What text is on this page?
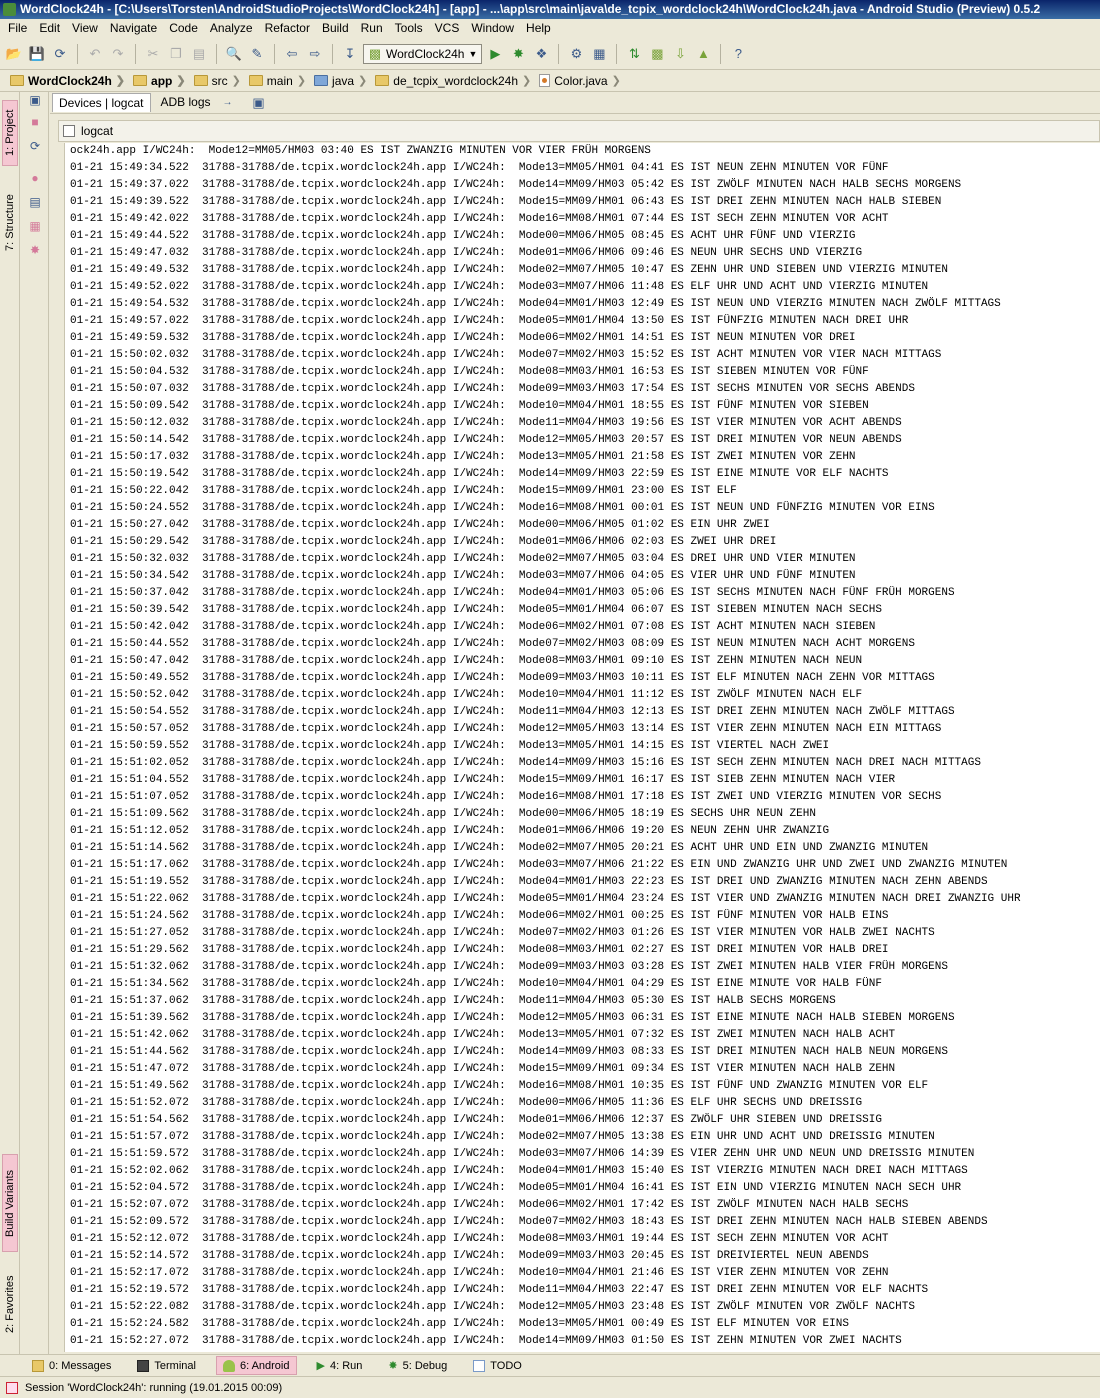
WordClock24h - [C:\Users\Torsten\AndroidStudioProjects\WordClock24h] - [app] - ...\app\src\main\java\de_tcpix_wordclock24h\WordClock24h.java - Android Studio (Preview) 0.5.2
File	Edit	View	Navigate	Code	Analyze	Refactor	Build	Run	Tools	VCS	Window	Help
📂 💾 ⟳	↶ ↷	✂ ❐ ▤ 🔍 ✎	⇦ ⇨	↧	▩ WordClock24h ▼	▶ ✸ ❖	⚙ ▦	⇅ ▩ ⇩ ▲	?
WordClock24h ❯ app ❯ src ❯ main ❯ java ❯ de_tcpix_wordclock24h ❯ Color.java ❯
1: Project
7: Structure
Build Variants
2: Favorites
▣
■
⟳
●
▤
▦
✸
Devices | logcat	ADB logs	→ ▣
logcat
ock24h.app I/WC24h:  Mode12=MM05/HM03 03:40 ES IST ZWANZIG MINUTEN VOR VIER FRÜH MORGENS
01-21 15:49:34.522  31788-31788/de.tcpix.wordclock24h.app I/WC24h:  Mode13=MM05/HM01 04:41 ES IST NEUN ZEHN MINUTEN VOR FÜNF
01-21 15:49:37.022  31788-31788/de.tcpix.wordclock24h.app I/WC24h:  Mode14=MM09/HM03 05:42 ES IST ZWÖLF MINUTEN NACH HALB SECHS MORGENS
01-21 15:49:39.522  31788-31788/de.tcpix.wordclock24h.app I/WC24h:  Mode15=MM09/HM01 06:43 ES IST DREI ZEHN MINUTEN NACH HALB SIEBEN
01-21 15:49:42.022  31788-31788/de.tcpix.wordclock24h.app I/WC24h:  Mode16=MM08/HM01 07:44 ES IST SECH ZEHN MINUTEN VOR ACHT
01-21 15:49:44.522  31788-31788/de.tcpix.wordclock24h.app I/WC24h:  Mode00=MM06/HM05 08:45 ES ACHT UHR FÜNF UND VIERZIG
01-21 15:49:47.032  31788-31788/de.tcpix.wordclock24h.app I/WC24h:  Mode01=MM06/HM06 09:46 ES NEUN UHR SECHS UND VIERZIG
01-21 15:49:49.532  31788-31788/de.tcpix.wordclock24h.app I/WC24h:  Mode02=MM07/HM05 10:47 ES ZEHN UHR UND SIEBEN UND VIERZIG MINUTEN
01-21 15:49:52.022  31788-31788/de.tcpix.wordclock24h.app I/WC24h:  Mode03=MM07/HM06 11:48 ES ELF UHR UND ACHT UND VIERZIG MINUTEN
01-21 15:49:54.532  31788-31788/de.tcpix.wordclock24h.app I/WC24h:  Mode04=MM01/HM03 12:49 ES IST NEUN UND VIERZIG MINUTEN NACH ZWÖLF MITTAGS
01-21 15:49:57.022  31788-31788/de.tcpix.wordclock24h.app I/WC24h:  Mode05=MM01/HM04 13:50 ES IST FÜNFZIG MINUTEN NACH DREI UHR
01-21 15:49:59.532  31788-31788/de.tcpix.wordclock24h.app I/WC24h:  Mode06=MM02/HM01 14:51 ES IST NEUN MINUTEN VOR DREI
01-21 15:50:02.032  31788-31788/de.tcpix.wordclock24h.app I/WC24h:  Mode07=MM02/HM03 15:52 ES IST ACHT MINUTEN VOR VIER NACH MITTAGS
01-21 15:50:04.532  31788-31788/de.tcpix.wordclock24h.app I/WC24h:  Mode08=MM03/HM01 16:53 ES IST SIEBEN MINUTEN VOR FÜNF
01-21 15:50:07.032  31788-31788/de.tcpix.wordclock24h.app I/WC24h:  Mode09=MM03/HM03 17:54 ES IST SECHS MINUTEN VOR SECHS ABENDS
01-21 15:50:09.542  31788-31788/de.tcpix.wordclock24h.app I/WC24h:  Mode10=MM04/HM01 18:55 ES IST FÜNF MINUTEN VOR SIEBEN
01-21 15:50:12.032  31788-31788/de.tcpix.wordclock24h.app I/WC24h:  Mode11=MM04/HM03 19:56 ES IST VIER MINUTEN VOR ACHT ABENDS
01-21 15:50:14.542  31788-31788/de.tcpix.wordclock24h.app I/WC24h:  Mode12=MM05/HM03 20:57 ES IST DREI MINUTEN VOR NEUN ABENDS
01-21 15:50:17.032  31788-31788/de.tcpix.wordclock24h.app I/WC24h:  Mode13=MM05/HM01 21:58 ES IST ZWEI MINUTEN VOR ZEHN
01-21 15:50:19.542  31788-31788/de.tcpix.wordclock24h.app I/WC24h:  Mode14=MM09/HM03 22:59 ES IST EINE MINUTE VOR ELF NACHTS
01-21 15:50:22.042  31788-31788/de.tcpix.wordclock24h.app I/WC24h:  Mode15=MM09/HM01 23:00 ES IST ELF
01-21 15:50:24.552  31788-31788/de.tcpix.wordclock24h.app I/WC24h:  Mode16=MM08/HM01 00:01 ES IST NEUN UND FÜNFZIG MINUTEN VOR EINS
01-21 15:50:27.042  31788-31788/de.tcpix.wordclock24h.app I/WC24h:  Mode00=MM06/HM05 01:02 ES EIN UHR ZWEI
01-21 15:50:29.542  31788-31788/de.tcpix.wordclock24h.app I/WC24h:  Mode01=MM06/HM06 02:03 ES ZWEI UHR DREI
01-21 15:50:32.032  31788-31788/de.tcpix.wordclock24h.app I/WC24h:  Mode02=MM07/HM05 03:04 ES DREI UHR UND VIER MINUTEN
01-21 15:50:34.542  31788-31788/de.tcpix.wordclock24h.app I/WC24h:  Mode03=MM07/HM06 04:05 ES VIER UHR UND FÜNF MINUTEN
01-21 15:50:37.042  31788-31788/de.tcpix.wordclock24h.app I/WC24h:  Mode04=MM01/HM03 05:06 ES IST SECHS MINUTEN NACH FÜNF FRÜH MORGENS
01-21 15:50:39.542  31788-31788/de.tcpix.wordclock24h.app I/WC24h:  Mode05=MM01/HM04 06:07 ES IST SIEBEN MINUTEN NACH SECHS
01-21 15:50:42.042  31788-31788/de.tcpix.wordclock24h.app I/WC24h:  Mode06=MM02/HM01 07:08 ES IST ACHT MINUTEN NACH SIEBEN
01-21 15:50:44.552  31788-31788/de.tcpix.wordclock24h.app I/WC24h:  Mode07=MM02/HM03 08:09 ES IST NEUN MINUTEN NACH ACHT MORGENS
01-21 15:50:47.042  31788-31788/de.tcpix.wordclock24h.app I/WC24h:  Mode08=MM03/HM01 09:10 ES IST ZEHN MINUTEN NACH NEUN
01-21 15:50:49.552  31788-31788/de.tcpix.wordclock24h.app I/WC24h:  Mode09=MM03/HM03 10:11 ES IST ELF MINUTEN NACH ZEHN VOR MITTAGS
01-21 15:50:52.042  31788-31788/de.tcpix.wordclock24h.app I/WC24h:  Mode10=MM04/HM01 11:12 ES IST ZWÖLF MINUTEN NACH ELF
01-21 15:50:54.552  31788-31788/de.tcpix.wordclock24h.app I/WC24h:  Mode11=MM04/HM03 12:13 ES IST DREI ZEHN MINUTEN NACH ZWÖLF MITTAGS
01-21 15:50:57.052  31788-31788/de.tcpix.wordclock24h.app I/WC24h:  Mode12=MM05/HM03 13:14 ES IST VIER ZEHN MINUTEN NACH EIN MITTAGS
01-21 15:50:59.552  31788-31788/de.tcpix.wordclock24h.app I/WC24h:  Mode13=MM05/HM01 14:15 ES IST VIERTEL NACH ZWEI
01-21 15:51:02.052  31788-31788/de.tcpix.wordclock24h.app I/WC24h:  Mode14=MM09/HM03 15:16 ES IST SECH ZEHN MINUTEN NACH DREI NACH MITTAGS
01-21 15:51:04.552  31788-31788/de.tcpix.wordclock24h.app I/WC24h:  Mode15=MM09/HM01 16:17 ES IST SIEB ZEHN MINUTEN NACH VIER
01-21 15:51:07.052  31788-31788/de.tcpix.wordclock24h.app I/WC24h:  Mode16=MM08/HM01 17:18 ES IST ZWEI UND VIERZIG MINUTEN VOR SECHS
01-21 15:51:09.562  31788-31788/de.tcpix.wordclock24h.app I/WC24h:  Mode00=MM06/HM05 18:19 ES SECHS UHR NEUN ZEHN
01-21 15:51:12.052  31788-31788/de.tcpix.wordclock24h.app I/WC24h:  Mode01=MM06/HM06 19:20 ES NEUN ZEHN UHR ZWANZIG
01-21 15:51:14.562  31788-31788/de.tcpix.wordclock24h.app I/WC24h:  Mode02=MM07/HM05 20:21 ES ACHT UHR UND EIN UND ZWANZIG MINUTEN
01-21 15:51:17.062  31788-31788/de.tcpix.wordclock24h.app I/WC24h:  Mode03=MM07/HM06 21:22 ES EIN UND ZWANZIG UHR UND ZWEI UND ZWANZIG MINUTEN
01-21 15:51:19.552  31788-31788/de.tcpix.wordclock24h.app I/WC24h:  Mode04=MM01/HM03 22:23 ES IST DREI UND ZWANZIG MINUTEN NACH ZEHN ABENDS
01-21 15:51:22.062  31788-31788/de.tcpix.wordclock24h.app I/WC24h:  Mode05=MM01/HM04 23:24 ES IST VIER UND ZWANZIG MINUTEN NACH DREI ZWANZIG UHR
01-21 15:51:24.562  31788-31788/de.tcpix.wordclock24h.app I/WC24h:  Mode06=MM02/HM01 00:25 ES IST FÜNF MINUTEN VOR HALB EINS
01-21 15:51:27.052  31788-31788/de.tcpix.wordclock24h.app I/WC24h:  Mode07=MM02/HM03 01:26 ES IST VIER MINUTEN VOR HALB ZWEI NACHTS
01-21 15:51:29.562  31788-31788/de.tcpix.wordclock24h.app I/WC24h:  Mode08=MM03/HM01 02:27 ES IST DREI MINUTEN VOR HALB DREI
01-21 15:51:32.062  31788-31788/de.tcpix.wordclock24h.app I/WC24h:  Mode09=MM03/HM03 03:28 ES IST ZWEI MINUTEN HALB VIER FRÜH MORGENS
01-21 15:51:34.562  31788-31788/de.tcpix.wordclock24h.app I/WC24h:  Mode10=MM04/HM01 04:29 ES IST EINE MINUTE VOR HALB FÜNF
01-21 15:51:37.062  31788-31788/de.tcpix.wordclock24h.app I/WC24h:  Mode11=MM04/HM03 05:30 ES IST HALB SECHS MORGENS
01-21 15:51:39.562  31788-31788/de.tcpix.wordclock24h.app I/WC24h:  Mode12=MM05/HM03 06:31 ES IST EINE MINUTE NACH HALB SIEBEN MORGENS
01-21 15:51:42.062  31788-31788/de.tcpix.wordclock24h.app I/WC24h:  Mode13=MM05/HM01 07:32 ES IST ZWEI MINUTEN NACH HALB ACHT
01-21 15:51:44.562  31788-31788/de.tcpix.wordclock24h.app I/WC24h:  Mode14=MM09/HM03 08:33 ES IST DREI MINUTEN NACH HALB NEUN MORGENS
01-21 15:51:47.072  31788-31788/de.tcpix.wordclock24h.app I/WC24h:  Mode15=MM09/HM01 09:34 ES IST VIER MINUTEN NACH HALB ZEHN
01-21 15:51:49.562  31788-31788/de.tcpix.wordclock24h.app I/WC24h:  Mode16=MM08/HM01 10:35 ES IST FÜNF UND ZWANZIG MINUTEN VOR ELF
01-21 15:51:52.072  31788-31788/de.tcpix.wordclock24h.app I/WC24h:  Mode00=MM06/HM05 11:36 ES ELF UHR SECHS UND DREISSIG
01-21 15:51:54.562  31788-31788/de.tcpix.wordclock24h.app I/WC24h:  Mode01=MM06/HM06 12:37 ES ZWÖLF UHR SIEBEN UND DREISSIG
01-21 15:51:57.072  31788-31788/de.tcpix.wordclock24h.app I/WC24h:  Mode02=MM07/HM05 13:38 ES EIN UHR UND ACHT UND DREISSIG MINUTEN
01-21 15:51:59.572  31788-31788/de.tcpix.wordclock24h.app I/WC24h:  Mode03=MM07/HM06 14:39 ES VIER ZEHN UHR UND NEUN UND DREISSIG MINUTEN
01-21 15:52:02.062  31788-31788/de.tcpix.wordclock24h.app I/WC24h:  Mode04=MM01/HM03 15:40 ES IST VIERZIG MINUTEN NACH DREI NACH MITTAGS
01-21 15:52:04.572  31788-31788/de.tcpix.wordclock24h.app I/WC24h:  Mode05=MM01/HM04 16:41 ES IST EIN UND VIERZIG MINUTEN NACH SECH UHR
01-21 15:52:07.072  31788-31788/de.tcpix.wordclock24h.app I/WC24h:  Mode06=MM02/HM01 17:42 ES IST ZWÖLF MINUTEN NACH HALB SECHS
01-21 15:52:09.572  31788-31788/de.tcpix.wordclock24h.app I/WC24h:  Mode07=MM02/HM03 18:43 ES IST DREI ZEHN MINUTEN NACH HALB SIEBEN ABENDS
01-21 15:52:12.072  31788-31788/de.tcpix.wordclock24h.app I/WC24h:  Mode08=MM03/HM01 19:44 ES IST SECH ZEHN MINUTEN VOR ACHT
01-21 15:52:14.572  31788-31788/de.tcpix.wordclock24h.app I/WC24h:  Mode09=MM03/HM03 20:45 ES IST DREIVIERTEL NEUN ABENDS
01-21 15:52:17.072  31788-31788/de.tcpix.wordclock24h.app I/WC24h:  Mode10=MM04/HM01 21:46 ES IST VIER ZEHN MINUTEN VOR ZEHN
01-21 15:52:19.572  31788-31788/de.tcpix.wordclock24h.app I/WC24h:  Mode11=MM04/HM03 22:47 ES IST DREI ZEHN MINUTEN VOR ELF NACHTS
01-21 15:52:22.082  31788-31788/de.tcpix.wordclock24h.app I/WC24h:  Mode12=MM05/HM03 23:48 ES IST ZWÖLF MINUTEN VOR ZWÖLF NACHTS
01-21 15:52:24.582  31788-31788/de.tcpix.wordclock24h.app I/WC24h:  Mode13=MM05/HM01 00:49 ES IST ELF MINUTEN VOR EINS
01-21 15:52:27.072  31788-31788/de.tcpix.wordclock24h.app I/WC24h:  Mode14=MM09/HM03 01:50 ES IST ZEHN MINUTEN VOR ZWEI NACHTS
0: Messages	Terminal	6: Android ▶ 4: Run ✸ 5: Debug	TODO
Session 'WordClock24h': running (19.01.2015 00:09)
